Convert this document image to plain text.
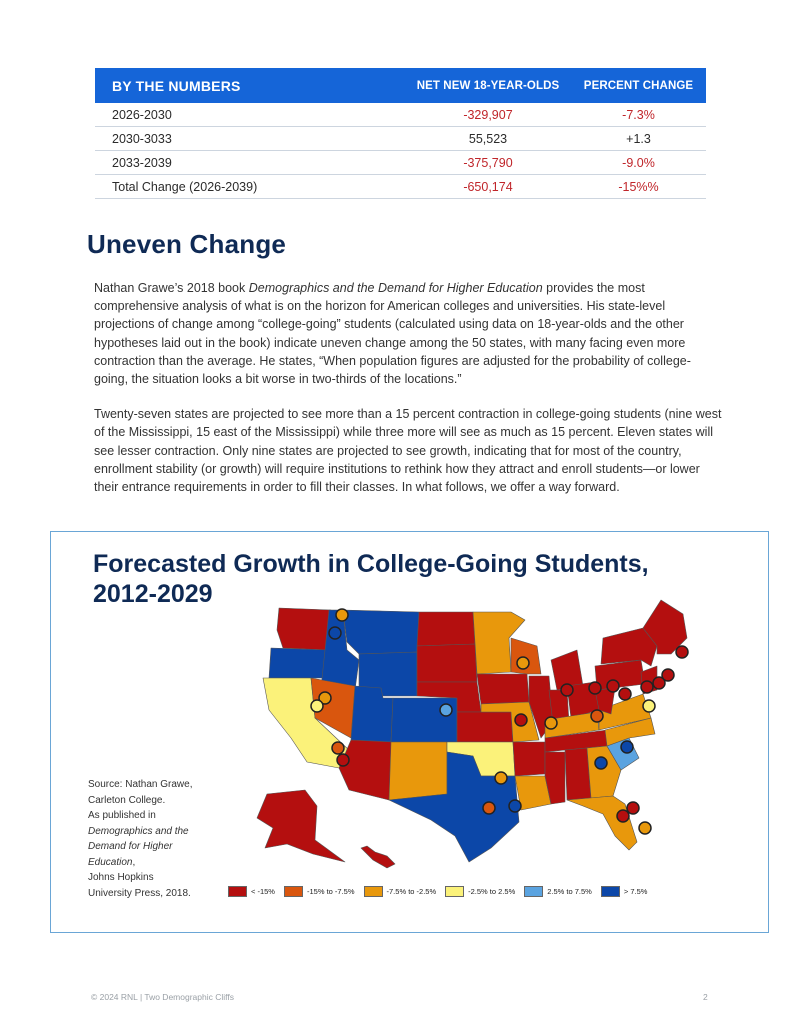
BY THE NUMBERS	NET NEW 18-YEAR-OLDS	PERCENT CHANGE
2026-2030	-329,907	-7.3%
2030-3033	55,523	+1.3
2033-2039	-375,790	-9.0%
Total Change (2026-2039)	-650,174	-15%%
Uneven Change

Nathan Grawe’s 2018 book Demographics and the Demand for Higher Education provides the most comprehensive analysis of what is on the horizon for American colleges and universities. His state-level projections of change among “college-going” students (calculated using data on 18-year-olds and the other hypotheses laid out in the book) indicate uneven change among the 50 states, with many facing even more contraction than the average. He states, “When population figures are adjusted for the probability of college-going, the situation looks a bit worse in two-thirds of the locations.”

Twenty-seven states are projected to see more than a 15 percent contraction in college-going students (nine west of the Mississippi, 15 east of the Mississippi) while three more will see as much as 15 percent. Eleven states will see lesser contraction. Only nine states are projected to see growth, indicating that for most of the country, enrollment stability (or growth) will require institutions to rethink how they attract and enroll students—or lower their entrance requirements in order to fill their classes. In what follows, we offer a way forward.

Forecasted Growth in College-Going Students,
2012-2029
Source: Nathan Grawe,
Carleton College.
As published in
Demographics and the
Demand for Higher
Education,
Johns Hopkins
University Press, 2018.	< -15%	-15% to -7.5%	-7.5% to -2.5%	-2.5% to 2.5%	2.5% to 7.5%	> 7.5%
© 2024 RNL | Two Demographic Cliffs	2
